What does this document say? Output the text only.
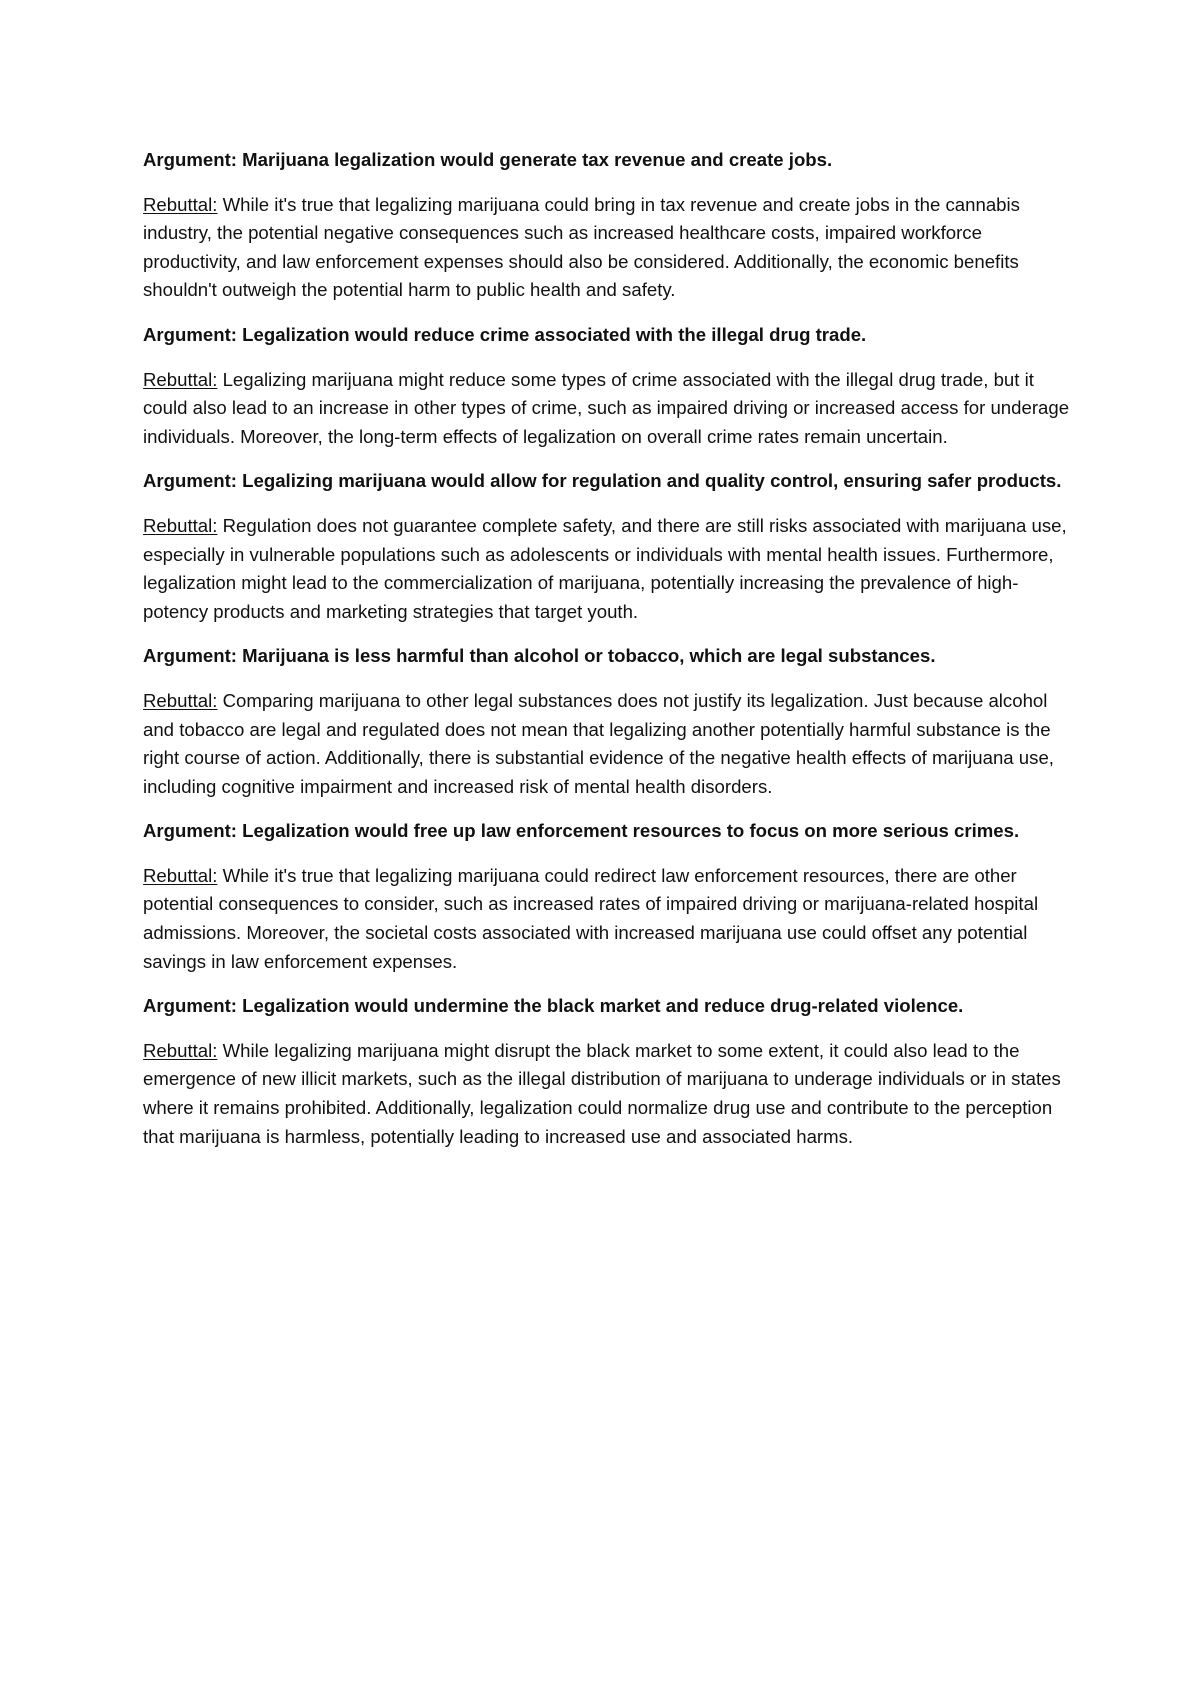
Argument: Marijuana legalization would generate tax revenue and create jobs.

Rebuttal: While it's true that legalizing marijuana could bring in tax revenue and create jobs in the cannabis industry, the potential negative consequences such as increased healthcare costs, impaired workforce productivity, and law enforcement expenses should also be considered. Additionally, the economic benefits shouldn't outweigh the potential harm to public health and safety.

Argument: Legalization would reduce crime associated with the illegal drug trade.

Rebuttal: Legalizing marijuana might reduce some types of crime associated with the illegal drug trade, but it could also lead to an increase in other types of crime, such as impaired driving or increased access for underage individuals. Moreover, the long-term effects of legalization on overall crime rates remain uncertain.

Argument: Legalizing marijuana would allow for regulation and quality control, ensuring safer products.

Rebuttal: Regulation does not guarantee complete safety, and there are still risks associated with marijuana use, especially in vulnerable populations such as adolescents or individuals with mental health issues. Furthermore, legalization might lead to the commercialization of marijuana, potentially increasing the prevalence of high-potency products and marketing strategies that target youth.

Argument: Marijuana is less harmful than alcohol or tobacco, which are legal substances.

Rebuttal: Comparing marijuana to other legal substances does not justify its legalization. Just because alcohol and tobacco are legal and regulated does not mean that legalizing another potentially harmful substance is the right course of action. Additionally, there is substantial evidence of the negative health effects of marijuana use, including cognitive impairment and increased risk of mental health disorders.

Argument: Legalization would free up law enforcement resources to focus on more serious crimes.

Rebuttal: While it's true that legalizing marijuana could redirect law enforcement resources, there are other potential consequences to consider, such as increased rates of impaired driving or marijuana-related hospital admissions. Moreover, the societal costs associated with increased marijuana use could offset any potential savings in law enforcement expenses.

Argument: Legalization would undermine the black market and reduce drug-related violence.

Rebuttal: While legalizing marijuana might disrupt the black market to some extent, it could also lead to the emergence of new illicit markets, such as the illegal distribution of marijuana to underage individuals or in states where it remains prohibited. Additionally, legalization could normalize drug use and contribute to the perception that marijuana is harmless, potentially leading to increased use and associated harms.
